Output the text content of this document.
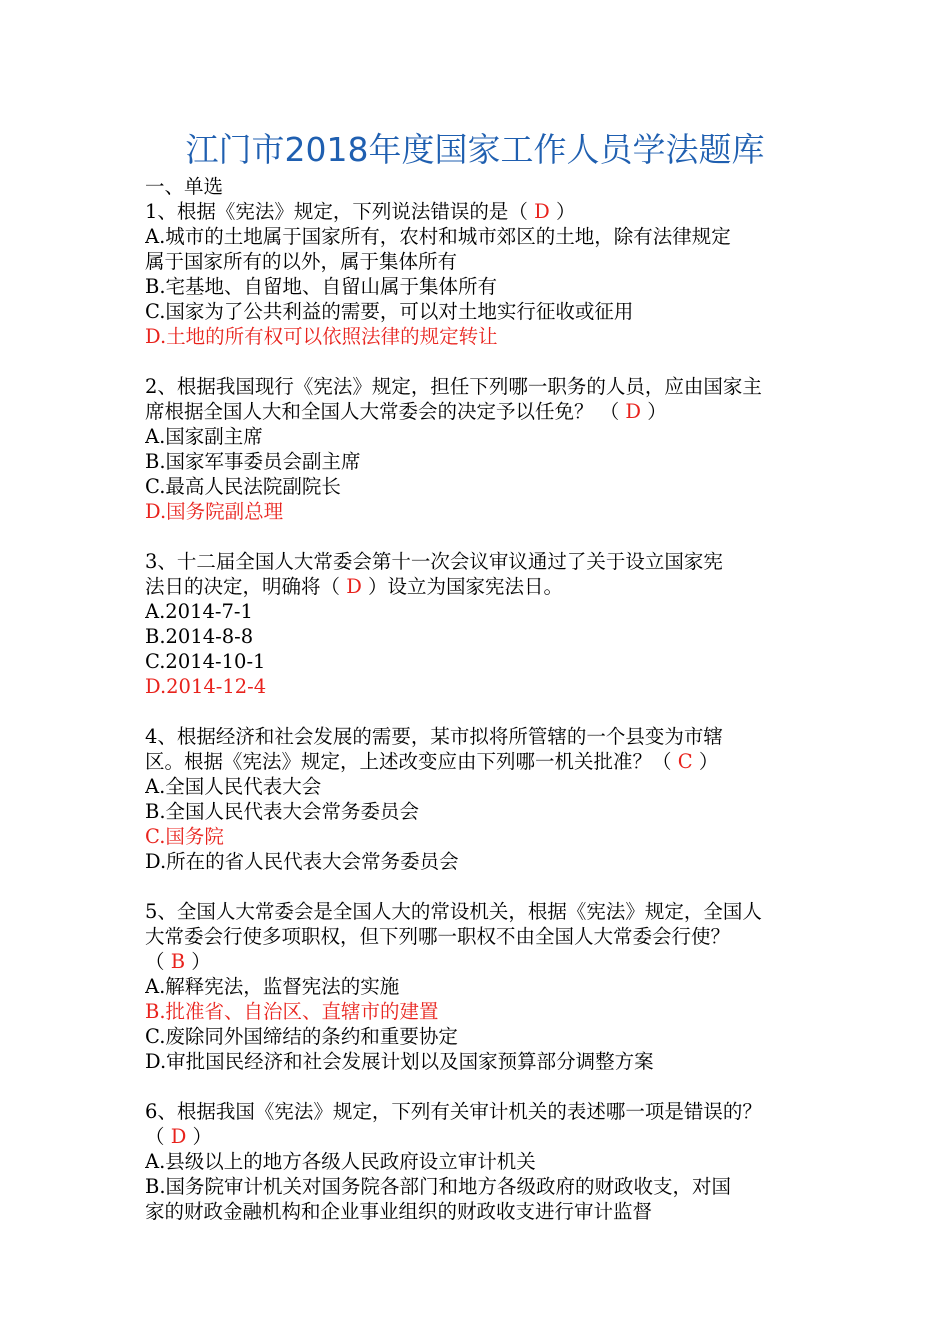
江门市2018年度国家工作人员学法题库
一、单选
1、根据《宪法》规定，下列说法错误的是（ D ）
A.城市的土地属于国家所有，农村和城市郊区的土地，除有法律规定
属于国家所有的以外，属于集体所有
B.宅基地、自留地、自留山属于集体所有
C.国家为了公共利益的需要，可以对土地实行征收或征用
D.土地的所有权可以依照法律的规定转让
2、根据我国现行《宪法》规定，担任下列哪一职务的人员，应由国家主
席根据全国人大和全国人大常委会的决定予以任免？ （ D ）
A.国家副主席
B.国家军事委员会副主席
C.最高人民法院副院长
D.国务院副总理
3、十二届全国人大常委会第十一次会议审议通过了关于设立国家宪
法日的决定，明确将（ D ）设立为国家宪法日。
A.2014-7-1
B.2014-8-8
C.2014-10-1
D.2014-12-4
4、根据经济和社会发展的需要，某市拟将所管辖的一个县变为市辖
区。根据《宪法》规定，上述改变应由下列哪一机关批准？（ C ）
A.全国人民代表大会
B.全国人民代表大会常务委员会
C.国务院
D.所在的省人民代表大会常务委员会
5、全国人大常委会是全国人大的常设机关，根据《宪法》规定，全国人
大常委会行使多项职权，但下列哪一职权不由全国人大常委会行使？
（ B ）
A.解释宪法，监督宪法的实施
B.批准省、自治区、直辖市的建置
C.废除同外国缔结的条约和重要协定
D.审批国民经济和社会发展计划以及国家预算部分调整方案
6、根据我国《宪法》规定，下列有关审计机关的表述哪一项是错误的？
（ D ）
A.县级以上的地方各级人民政府设立审计机关
B.国务院审计机关对国务院各部门和地方各级政府的财政收支，对国
家的财政金融机构和企业事业组织的财政收支进行审计监督
